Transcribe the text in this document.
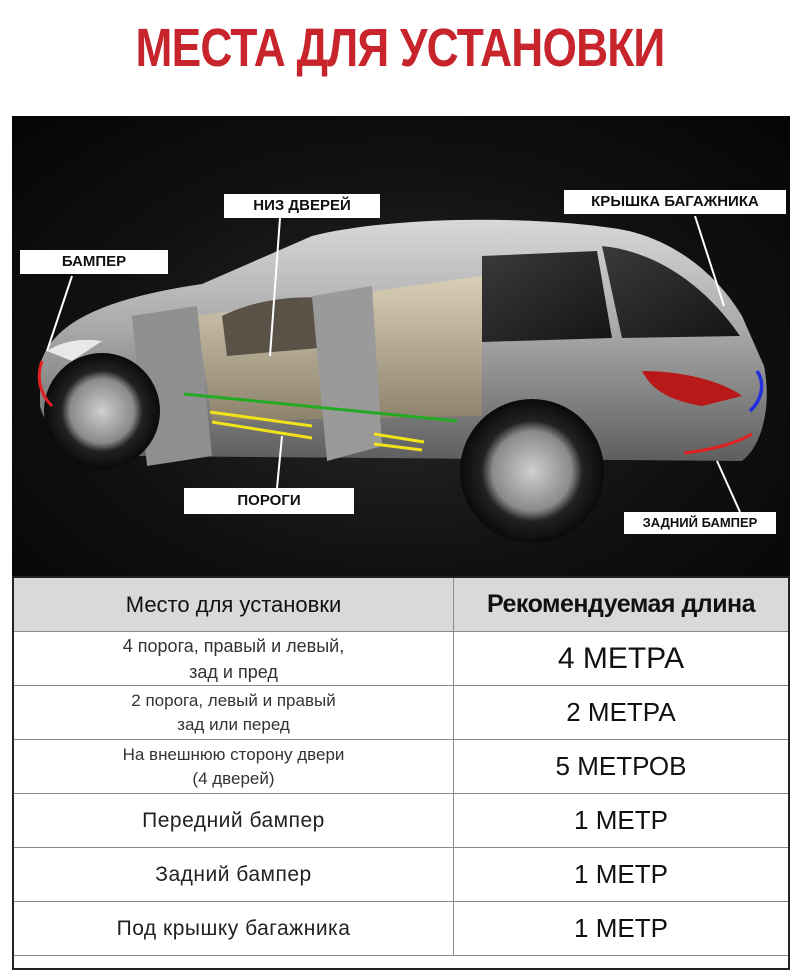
МЕСТА ДЛЯ УСТАНОВКИ
БАМПЕР
НИЗ ДВЕРЕЙ	КРЫШКА БАГАЖНИКА
ПОРОГИ
ЗАДНИЙ БАМПЕР
Место для установки	Рекомендуемая длина
4 порога, правый и левый,
зад и пред	4 МЕТРА
2 порога, левый и правый
зад или перед	2 МЕТРА
На внешнюю сторону двери
(4 дверей)	5 МЕТРОВ
Передний бампер	1 МЕТР
Задний бампер	1 МЕТР
Под крышку багажника	1 МЕТР
